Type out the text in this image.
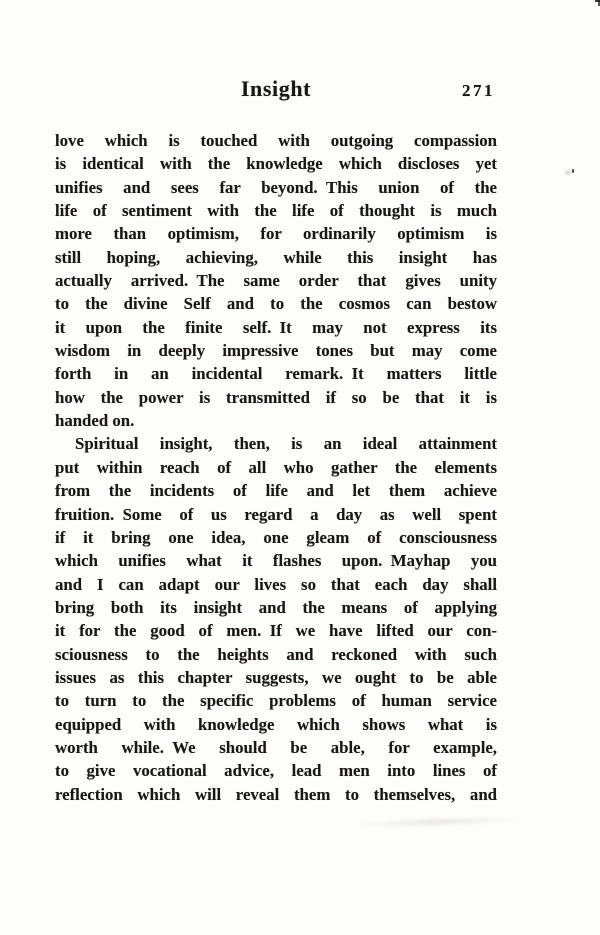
Insight	271
love which is touched with outgoing compassion
is identical with the knowledge which discloses yet
unifies and sees far beyond. This union of the
life of sentiment with the life of thought is much
more than optimism, for ordinarily optimism is
still hoping, achieving, while this insight has
actually arrived. The same order that gives unity
to the divine Self and to the cosmos can bestow
it upon the finite self. It may not express its
wisdom in deeply impressive tones but may come
forth in an incidental remark. It matters little
how the power is transmitted if so be that it is
handed on.
Spiritual insight, then, is an ideal attainment
put within reach of all who gather the elements
from the incidents of life and let them achieve
fruition. Some of us regard a day as well spent
if it bring one idea, one gleam of consciousness
which unifies what it flashes upon. Mayhap you
and I can adapt our lives so that each day shall
bring both its insight and the means of applying
it for the good of men. If we have lifted our con-
sciousness to the heights and reckoned with such
issues as this chapter suggests, we ought to be able
to turn to the specific problems of human service
equipped with knowledge which shows what is
worth while. We should be able, for example,
to give vocational advice, lead men into lines of
reflection which will reveal them to themselves, and
